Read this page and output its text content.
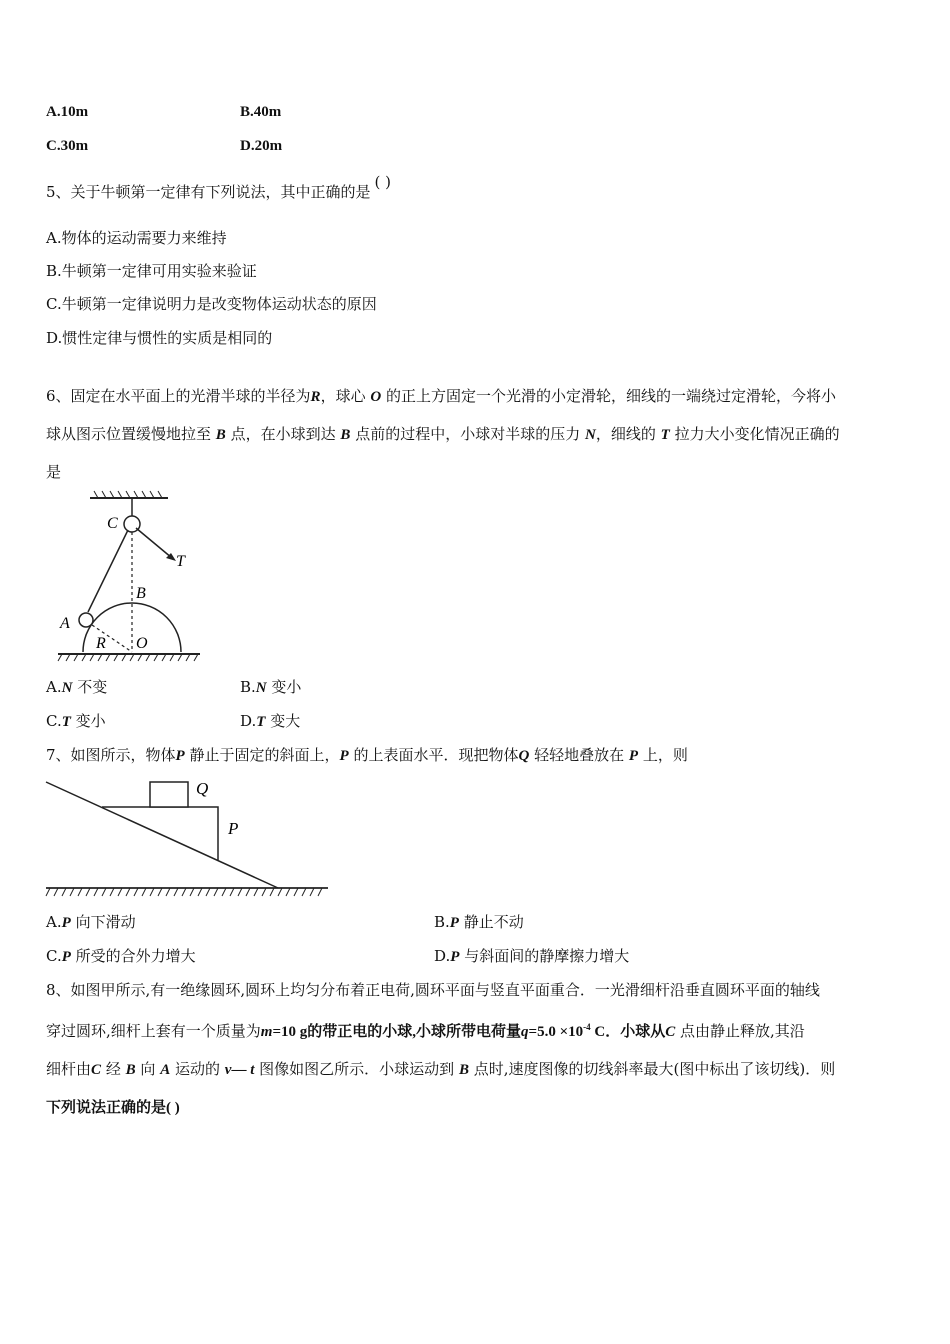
A.10m	B.40m
C.30m	D.20m
5、关于牛顿第一定律有下列说法，其中正确的是( )
A.物体的运动需要力来维持
B.牛顿第一定律可用实验来验证
C.牛顿第一定律说明力是改变物体运动状态的原因
D.惯性定律与惯性的实质是相同的
6、固定在水平面上的光滑半球的半径为R，球心 O 的正上方固定一个光滑的小定滑轮，细线的一端绕过定滑轮，今将小
球从图示位置缓慢地拉至 B 点，在小球到达 B 点前的过程中，小球对半球的压力 N，细线的 T 拉力大小变化情况正确的
是
C
T
B
A
R O
A.N 不变	B.N 变小
C.T 变小	D.T 变大
7、如图所示，物体P 静止于固定的斜面上，P 的上表面水平．现把物体Q 轻轻地叠放在 P 上，则
Q
P
A.P 向下滑动	B.P 静止不动
C.P 所受的合外力增大	D.P 与斜面间的静摩擦力增大
8、如图甲所示,有一绝缘圆环,圆环上均匀分布着正电荷,圆环平面与竖直平面重合．一光滑细杆沿垂直圆环平面的轴线
穿过圆环,细杆上套有一个质量为m=10 g的带正电的小球,小球所带电荷量$q=5.0 \times 10^{-4}$ C．小球从C 点由静止释放,其沿
细杆由C 经 B 向 A 运动的 v— t 图像如图乙所示．小球运动到 B 点时,速度图像的切线斜率最大(图中标出了该切线)．则
下列说法正确的是( )
